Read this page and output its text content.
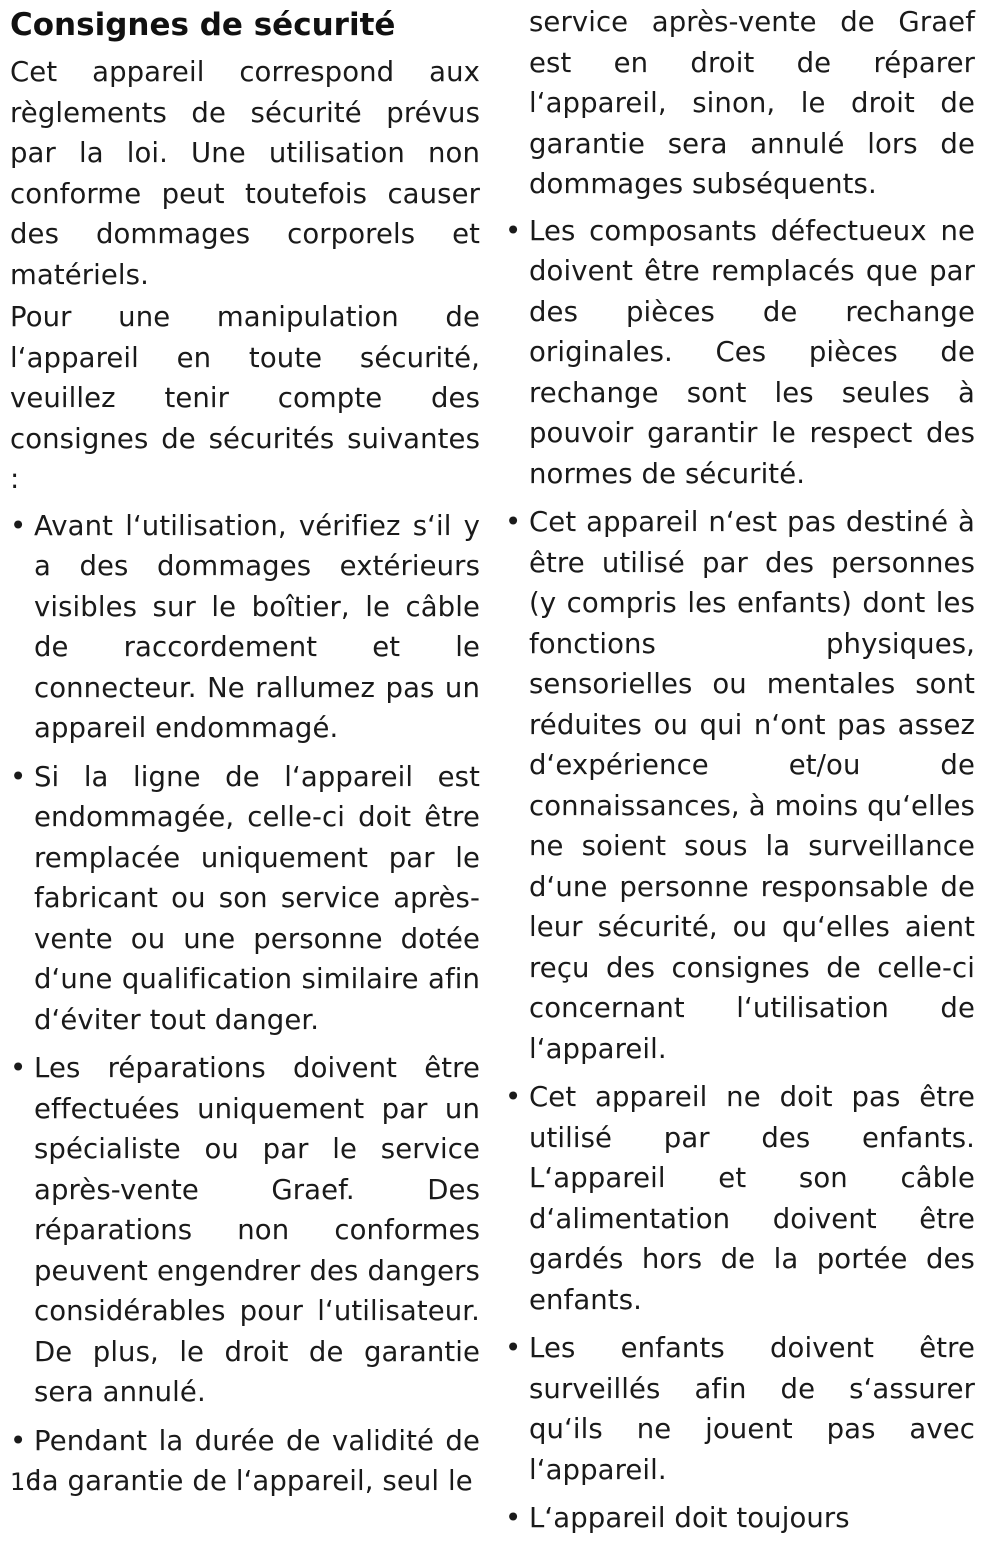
Consignes de sécurité

Cet appareil correspond aux règlements de sécurité prévus par la loi. Une utilisation non conforme peut toutefois causer des dommages corporels et matériels.

Pour une manipulation de l‘appareil en toute sécurité, veuillez tenir compte des consignes de sécurités suivantes :

• Avant l‘utilisation, vérifiez s‘il y a des dommages extérieurs visibles sur le boîtier, le câble de raccordement et le connecteur. Ne rallumez pas un appareil endommagé.

• Si la ligne de l‘appareil est endommagée, celle-ci doit être remplacée uniquement par le fabricant ou son service après-vente ou une personne dotée d‘une qualification similaire afin d‘éviter tout danger.

• Les réparations doivent être effectuées uniquement par un spécialiste ou par le service après-vente Graef. Des réparations non conformes peuvent engendrer des dangers considérables pour l‘utilisateur. De plus, le droit de garantie sera annulé.

• Pendant la durée de validité de la garantie de l‘appareil, seul le

service après-vente de Graef est en droit de réparer l‘appareil, sinon, le droit de garantie sera annulé lors de dommages subséquents.

• Les composants défectueux ne doivent être remplacés que par des pièces de rechange originales. Ces pièces de rechange sont les seules à pouvoir garantir le respect des normes de sécurité.

• Cet appareil n‘est pas destiné à être utilisé par des personnes (y compris les enfants) dont les fonctions physiques, sensorielles ou mentales sont réduites ou qui n‘ont pas assez d‘expérience et/ou de connaissances, à moins qu‘elles ne soient sous la surveillance d‘une personne responsable de leur sécurité, ou qu‘elles aient reçu des consignes de celle-ci concernant l‘utilisation de l‘appareil.

• Cet appareil ne doit pas être utilisé par des enfants. L‘appareil et son câble d‘alimentation doivent être gardés hors de la portée des enfants.

• Les enfants doivent être surveillés afin de s‘assurer qu‘ils ne jouent pas avec l‘appareil.

• L‘appareil doit toujours

16
